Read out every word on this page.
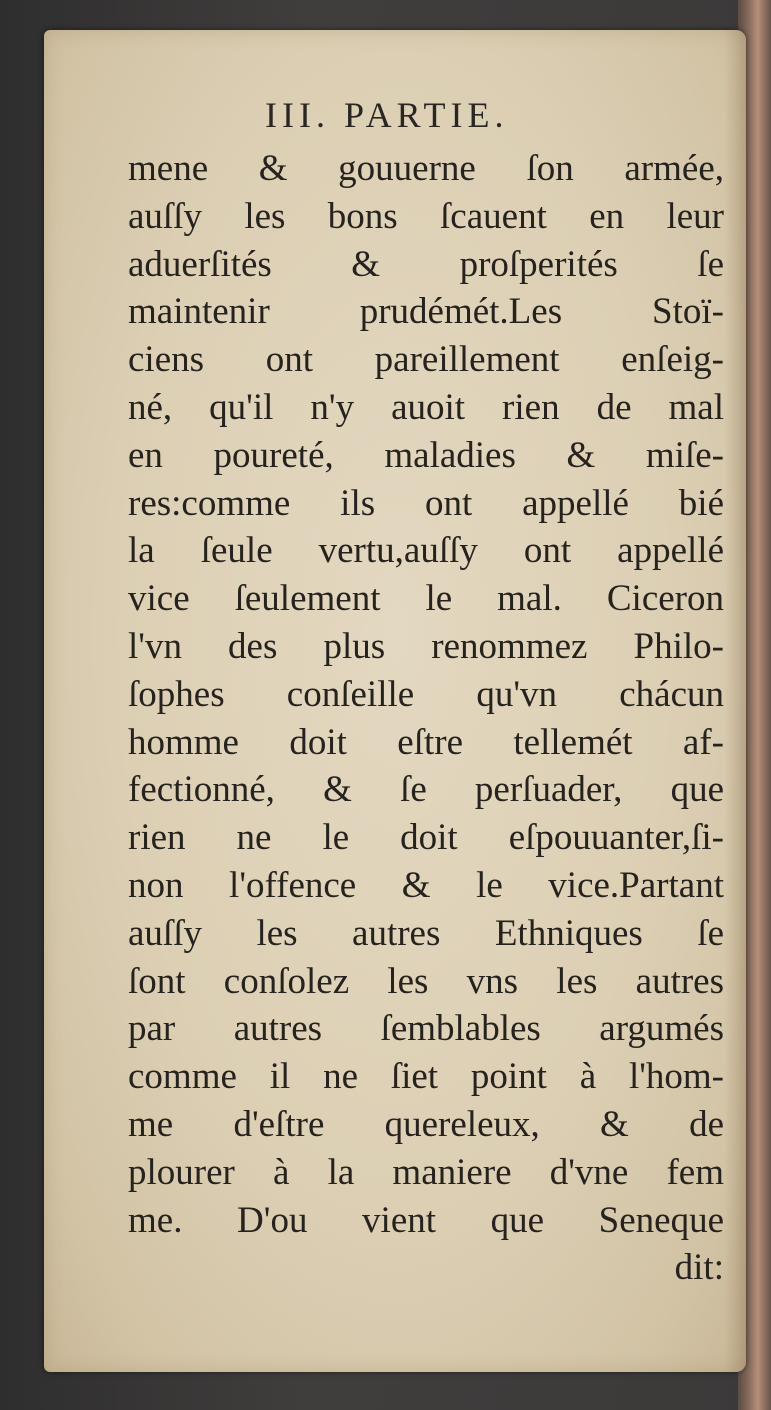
III. PARTIE.
mene & gouuerne ſon armée,
auſſy les bons ſcauent en leur
aduerſités & proſperités ſe
maintenir prudémét.Les Stoï-
ciens ont pareillement enſeig-
né, qu'il n'y auoit rien de mal
en poureté, maladies & miſe-
res:comme ils ont appellé bié
la ſeule vertu,auſſy ont appellé
vice ſeulement le mal. Ciceron
l'vn des plus renommez Philo-
ſophes conſeille qu'vn chácun
homme doit eſtre tellemét af-
fectionné, & ſe perſuader, que
rien ne le doit eſpouuanter,ſi-
non l'offence & le vice.Partant
auſſy les autres Ethniques ſe
ſont conſolez les vns les autres
par autres ſemblables argumés
comme il ne ſiet point à l'hom-
me d'eſtre quereleux, & de
plourer à la maniere d'vne fem
me. D'ou vient que Seneque
dit:
